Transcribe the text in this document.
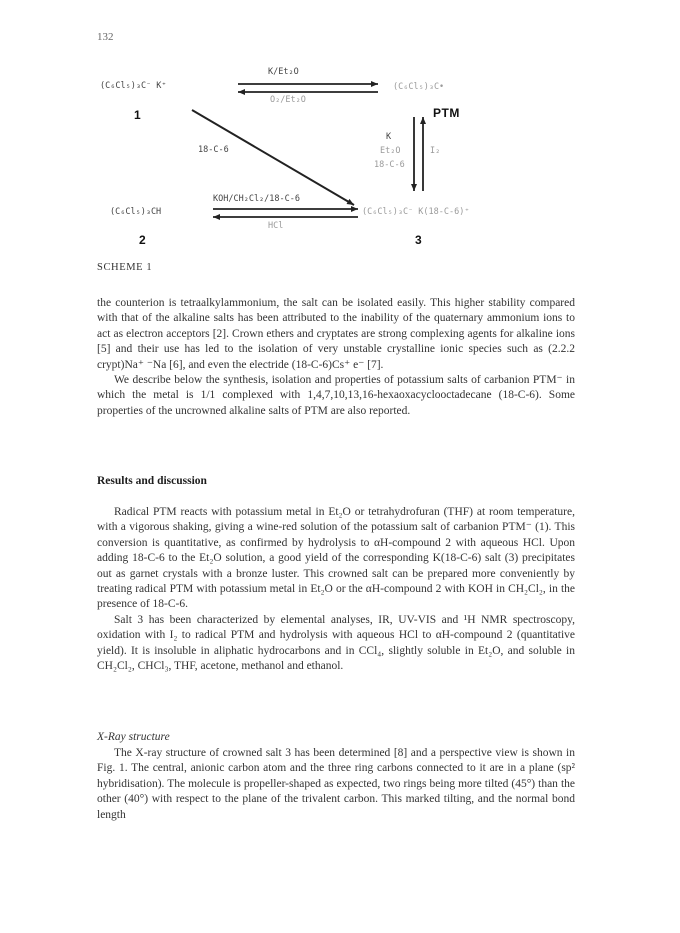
132
(C₆Cl₅)₃C⁻ K⁺
1
(C₆Cl₅)₃C•
PTM
K/Et₂O
O₂/Et₂O
18-C-6
K
Et₂O
18-C-6
I₂
KOH/CH₂Cl₂/18-C-6
HCl
(C₆Cl₅)₃CH
2
(C₆Cl₅)₃C⁻ K(18-C-6)⁺
3
SCHEME 1

the counterion is tetraalkylammonium, the salt can be isolated easily. This higher stability compared with that of the alkaline salts has been attributed to the inability of the quaternary ammonium ions to act as electron acceptors [2]. Crown ethers and cryptates are strong complexing agents for alkaline ions [5] and their use has led to the isolation of very unstable crystalline ionic species such as (2.2.2 crypt)Na⁺ ⁻Na [6], and even the electride (18-C-6)Cs⁺ e⁻ [7].

We describe below the synthesis, isolation and properties of potassium salts of carbanion PTM⁻ in which the metal is 1/1 complexed with 1,4,7,10,13,16-hexaoxacyclooctadecane (18-C-6). Some properties of the uncrowned alkaline salts of PTM are also reported.

Results and discussion

Radical PTM reacts with potassium metal in Et₂O or tetrahydrofuran (THF) at room temperature, with a vigorous shaking, giving a wine-red solution of the potassium salt of carbanion PTM⁻ (1). This conversion is quantitative, as confirmed by hydrolysis to αH-compound 2 with aqueous HCl. Upon adding 18-C-6 to the Et₂O solution, a good yield of the corresponding K(18-C-6) salt (3) precipitates out as garnet crystals with a bronze luster. This crowned salt can be prepared more conveniently by treating radical PTM with potassium metal in Et₂O or the αH-compound 2 with KOH in CH₂Cl₂, in the presence of 18-C-6.

Salt 3 has been characterized by elemental analyses, IR, UV-VIS and ¹H NMR spectroscopy, oxidation with I₂ to radical PTM and hydrolysis with aqueous HCl to αH-compound 2 (quantitative yield). It is insoluble in aliphatic hydrocarbons and in CCl₄, slightly soluble in Et₂O, and soluble in CH₂Cl₂, CHCl₃, THF, acetone, methanol and ethanol.

X-Ray structure

The X-ray structure of crowned salt 3 has been determined [8] and a perspective view is shown in Fig. 1. The central, anionic carbon atom and the three ring carbons connected to it are in a plane (sp² hybridisation). The molecule is propeller-shaped as expected, two rings being more tilted (45°) than the other (40°) with respect to the plane of the trivalent carbon. This marked tilting, and the normal bond length
